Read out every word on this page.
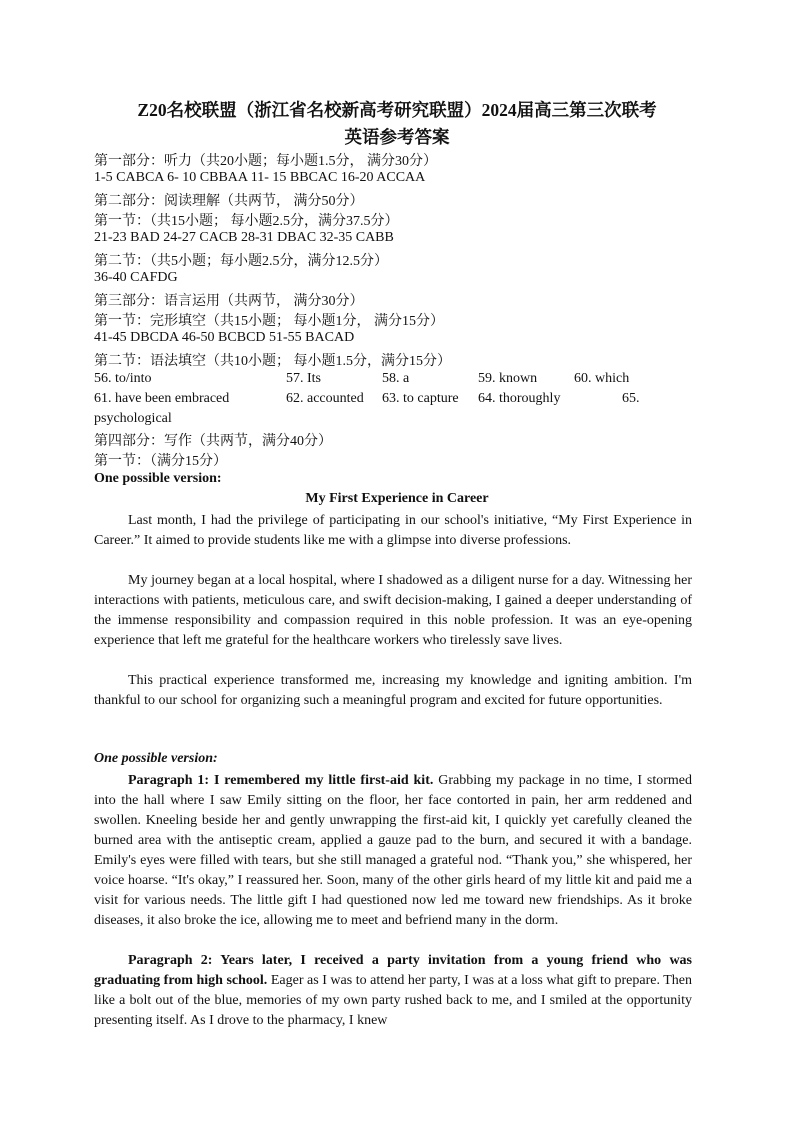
Z20名校联盟（浙江省名校新高考研究联盟）2024届高三第三次联考
英语参考答案
第一部分：听力（共20小题；每小题1.5分， 满分30分）
1-5 CABCA 6- 10 CBBAA 11- 15 BBCAC 16-20 ACCAA
第二部分：阅读理解（共两节， 满分50分）
第一节：（共15小题； 每小题2.5分，满分37.5分）
21-23 BAD 24-27 CACB 28-31 DBAC 32-35 CABB
第二节：（共5小题；每小题2.5分，满分12.5分）
36-40 CAFDG
第三部分：语言运用（共两节， 满分30分）
第一节：完形填空（共15小题； 每小题1分， 满分15分）
41-45 DBCDA 46-50 BCBCD 51-55 BACAD
第二节：语法填空（共10小题； 每小题1.5分，满分15分）
56. to/into	57. Its	58. a	59. known	60. which
61. have been embraced	62. accounted 63. to capture 64. thoroughly	65.
psychological
第四部分：写作（共两节，满分40分）
第一节：（满分15分）
One possible version:
My First Experience in Career

Last month, I had the privilege of participating in our school's initiative, “My First Experience in Career.” It aimed to provide students like me with a glimpse into diverse professions.

My journey began at a local hospital, where I shadowed as a diligent nurse for a day. Witnessing her interactions with patients, meticulous care, and swift decision-making, I gained a deeper understanding of the immense responsibility and compassion required in this noble profession. It was an eye-opening experience that left me grateful for the healthcare workers who tirelessly save lives.

This practical experience transformed me, increasing my knowledge and igniting ambition. I'm thankful to our school for organizing such a meaningful program and excited for future opportunities.

One possible version:

Paragraph 1: I remembered my little first-aid kit. Grabbing my package in no time, I stormed into the hall where I saw Emily sitting on the floor, her face contorted in pain, her arm reddened and swollen. Kneeling beside her and gently unwrapping the first-aid kit, I quickly yet carefully cleaned the burned area with the antiseptic cream, applied a gauze pad to the burn, and secured it with a bandage. Emily's eyes were filled with tears, but she still managed a grateful nod. “Thank you,” she whispered, her voice hoarse. “It's okay,” I reassured her. Soon, many of the other girls heard of my little kit and paid me a visit for various needs. The little gift I had questioned now led me toward new friendships. As it broke diseases, it also broke the ice, allowing me to meet and befriend many in the dorm.

Paragraph 2: Years later, I received a party invitation from a young friend who was graduating from high school. Eager as I was to attend her party, I was at a loss what gift to prepare. Then like a bolt out of the blue, memories of my own party rushed back to me, and I smiled at the opportunity presenting itself. As I drove to the pharmacy, I knew
